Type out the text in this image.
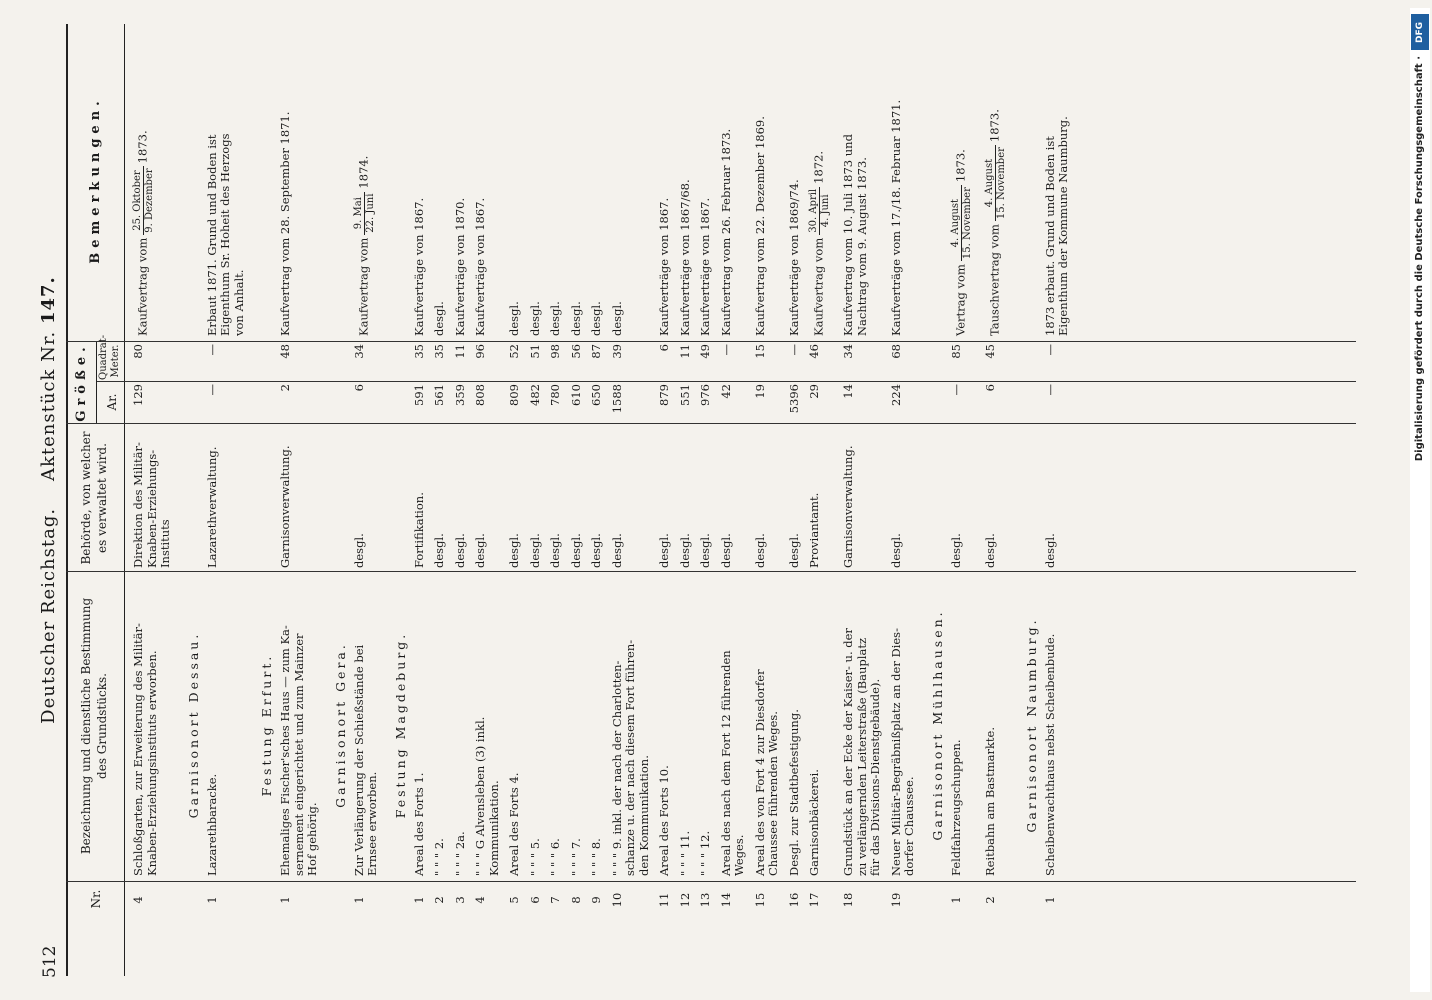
512
Deutscher Reichstag.    Aktenstück Nr. 147.
Nr.
Bezeichnung und dienstliche Bestimmung des Grundstücks.
Behörde, von welcher es verwaltet wird.
Größe. Ar.
Quadrat- Meter.
Bemerkungen.
4
Schloßgarten, zur Erweiterung des Militär- Knaben-Erziehungsinstituts erworben.
Direktion des Militär- Knaben-Erziehungs- Instituts
129
80
Kaufvertrag vom
25. Oktober 9. Dezember
1873.
Garnisonort Dessau.
1
Lazarethbaracke.
Lazarethverwaltung.
—
—
Erbaut 1871. Grund und Boden ist Eigenthum Sr. Hoheit des Herzogs von Anhalt.
Festung Erfurt.
1
Ehemaliges Fischer'sches Haus — zum Ka- sernement eingerichtet und zum Mainzer Hof gehörig.
Garnisonverwaltung.
2
48
Kaufvertrag vom 28. September 1871.
Garnisonort Gera.
1
Zur Verlängerung der Schießstände bei Ernsee erworben.
desgl.
6
34
Kaufvertrag vom
9. Mai 22. Juni
1874.
Festung Magdeburg.
1
Areal des Forts 1.
Fortifikation.
591
35
Kaufverträge von 1867.
2
" " " 2.
desgl.
561
35
desgl.
3
" " " 2a.
desgl.
359
11
Kaufverträge von 1870.
4
" " " G Alvensleben (3) inkl. Kommunikation.
desgl.
808
96
Kaufverträge von 1867.
5
Areal des Forts 4.
desgl.
809
52
desgl.
6
" " " 5.
desgl.
482
51
desgl.
7
" " " 6.
desgl.
780
98
desgl.
8
" " " 7.
desgl.
610
56
desgl.
9
" " " 8.
desgl.
650
87
desgl.
10
" " " 9. inkl. der nach der Charlotten- schanze u. der nach diesem Fort führen- den Kommunikation.
desgl.
1588
39
desgl.
11
Areal des Forts 10.
desgl.
879
6
Kaufverträge von 1867.
12
" " " 11.
desgl.
551
11
Kaufverträge von 1867/68.
13
" " " 12.
desgl.
976
49
Kaufverträge von 1867.
14
Areal des nach dem Fort 12 führenden Weges.
desgl.
42
—
Kaufvertrag vom 26. Februar 1873.
15
Areal des von Fort 4 zur Diesdorfer Chaussee führenden Weges.
desgl.
19
15
Kaufvertrag vom 22. Dezember 1869.
16
Desgl. zur Stadtbefestigung.
desgl.
5396
—
Kaufverträge von 1869/74.
17
Garnisonbäckerei.
Proviantamt.
29
46
Kaufvertrag vom
30. April 4. Juni
1872.
18
Grundstück an der Ecke der Kaiser- u. der zu verlängernden Leiterstraße (Bauplatz für das Divisions-Dienstgebäude).
Garnisonverwaltung.
14
34
Kaufvertrag vom 10. Juli 1873 und Nachtrag vom 9. August 1873.
19
Neuer Militär-Begräbnißplatz an der Dies- dorfer Chaussee.
desgl.
224
68
Kaufverträge vom 17./18. Februar 1871.
Garnisonort Mühlhausen.
1
Feldfahrzeugschuppen.
desgl.
—
85
Vertrag vom
4. August 15. November
1873.
2
Reitbahn am Bastmarkte.
desgl.
6
45
Tauschvertrag vom
4. August 15. November
1873.
Garnisonort Naumburg.
1
Scheibenwachthaus nebst Scheibenbude.
desgl.
—
—
1873 erbaut. Grund und Boden ist Eigenthum der Kommune Naumburg.
DFG
Digitalisierung gefördert durch die Deutsche Forschungsgemeinschaft ·
